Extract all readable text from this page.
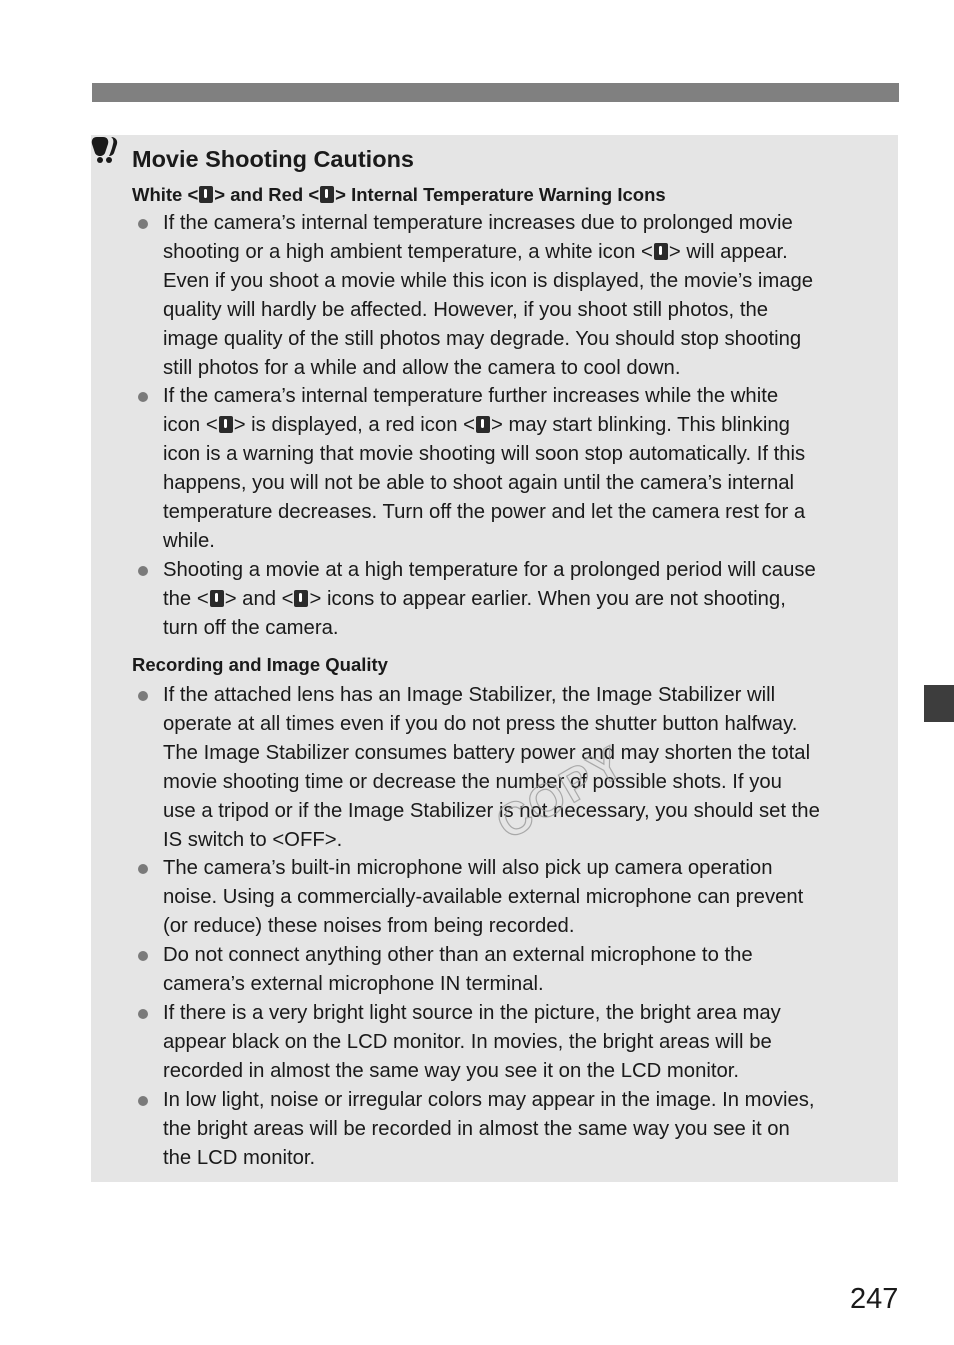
Movie Shooting Cautions
White < > and Red < > Internal Temperature Warning Icons
If the camera’s internal temperature increases due to prolonged movie
shooting or a high ambient temperature, a white icon < > will appear.
Even if you shoot a movie while this icon is displayed, the movie’s image
quality will hardly be affected. However, if you shoot still photos, the
image quality of the still photos may degrade. You should stop shooting
still photos for a while and allow the camera to cool down.
If the camera’s internal temperature further increases while the white
icon < > is displayed, a red icon < > may start blinking. This blinking
icon is a warning that movie shooting will soon stop automatically. If this
happens, you will not be able to shoot again until the camera’s internal
temperature decreases. Turn off the power and let the camera rest for a
while.
Shooting a movie at a high temperature for a prolonged period will cause
the < > and < > icons to appear earlier. When you are not shooting,
turn off the camera.
Recording and Image Quality
If the attached lens has an Image Stabilizer, the Image Stabilizer will
operate at all times even if you do not press the shutter button halfway.
The Image Stabilizer consumes battery power and may shorten the total
movie shooting time or decrease the number of possible shots. If you
use a tripod or if the Image Stabilizer is not necessary, you should set the
IS switch to <OFF>.
The camera’s built-in microphone will also pick up camera operation
noise. Using a commercially-available external microphone can prevent
(or reduce) these noises from being recorded.
Do not connect anything other than an external microphone to the
camera’s external microphone IN terminal.
If there is a very bright light source in the picture, the bright area may
appear black on the LCD monitor. In movies, the bright areas will be
recorded in almost the same way you see it on the LCD monitor.
In low light, noise or irregular colors may appear in the image. In movies,
the bright areas will be recorded in almost the same way you see it on
the LCD monitor.
COPY
247
